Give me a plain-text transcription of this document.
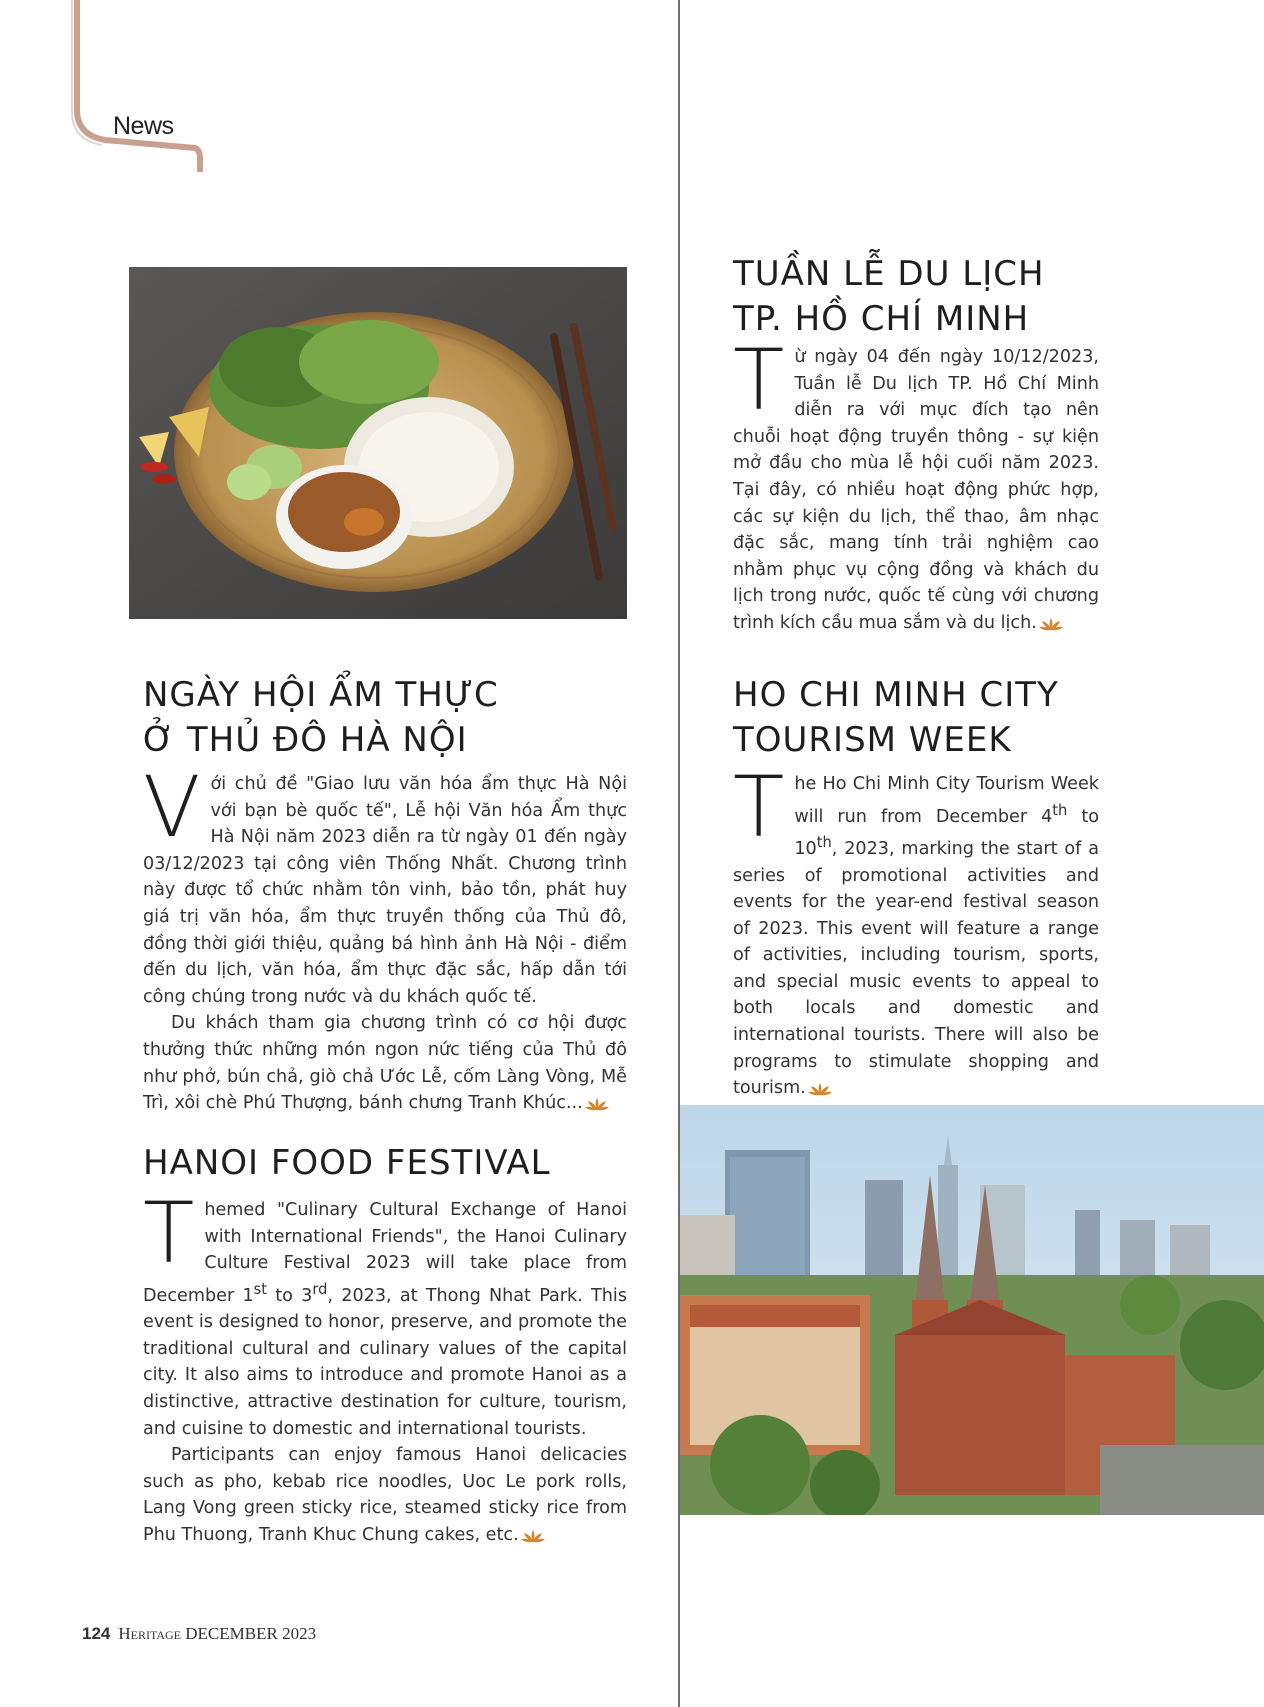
News
TUẦN LỄ DU LỊCH
TP. HỒ CHÍ MINH
T ừ ngày 04 đến ngày 10/12/2023, Tuần lễ Du lịch TP. Hồ Chí Minh diễn ra với mục đích tạo nên chuỗi hoạt động truyền thông - sự kiện mở đầu cho mùa lễ hội cuối năm 2023. Tại đây, có nhiều hoạt động phức hợp, các sự kiện du lịch, thể thao, âm nhạc đặc sắc, mang tính trải nghiệm cao nhằm phục vụ cộng đồng và khách du lịch trong nước, quốc tế cùng với chương trình kích cầu mua sắm và du lịch.

NGÀY HỘI ẨM THỰC
Ở THỦ ĐÔ HÀ NỘI
V ới chủ đề "Giao lưu văn hóa ẩm thực Hà Nội với bạn bè quốc tế", Lễ hội Văn hóa Ẩm thực Hà Nội năm 2023 diễn ra từ ngày 01 đến ngày 03/12/2023 tại công viên Thống Nhất. Chương trình này được tổ chức nhằm tôn vinh, bảo tồn, phát huy giá trị văn hóa, ẩm thực truyền thống của Thủ đô, đồng thời giới thiệu, quảng bá hình ảnh Hà Nội - điểm đến du lịch, văn hóa, ẩm thực đặc sắc, hấp dẫn tới công chúng trong nước và du khách quốc tế.

Du khách tham gia chương trình có cơ hội được thưởng thức những món ngon nức tiếng của Thủ đô như phở, bún chả, giò chả Ước Lễ, cốm Làng Vòng, Mễ Trì, xôi chè Phú Thượng, bánh chưng Tranh Khúc...

HO CHI MINH CITY
TOURISM WEEK
T he Ho Chi Minh City Tourism Week will run from December 4th to 10th, 2023, marking the start of a series of promotional activities and events for the year-end festival season of 2023. This event will feature a range of activities, including tourism, sports, and special music events to appeal to both locals and domestic and international tourists. There will also be programs to stimulate shopping and tourism.

HANOI FOOD FESTIVAL
T hemed "Culinary Cultural Exchange of Hanoi with International Friends", the Hanoi Culinary Culture Festival 2023 will take place from December 1st to 3rd, 2023, at Thong Nhat Park. This event is designed to honor, preserve, and promote the traditional cultural and culinary values of the capital city. It also aims to introduce and promote Hanoi as a distinctive, attractive destination for culture, tourism, and cuisine to domestic and international tourists.

Participants can enjoy famous Hanoi delicacies such as pho, kebab rice noodles, Uoc Le pork rolls, Lang Vong green sticky rice, steamed sticky rice from Phu Thuong, Tranh Khuc Chung cakes, etc.

124 Heritage DECEMBER 2023
